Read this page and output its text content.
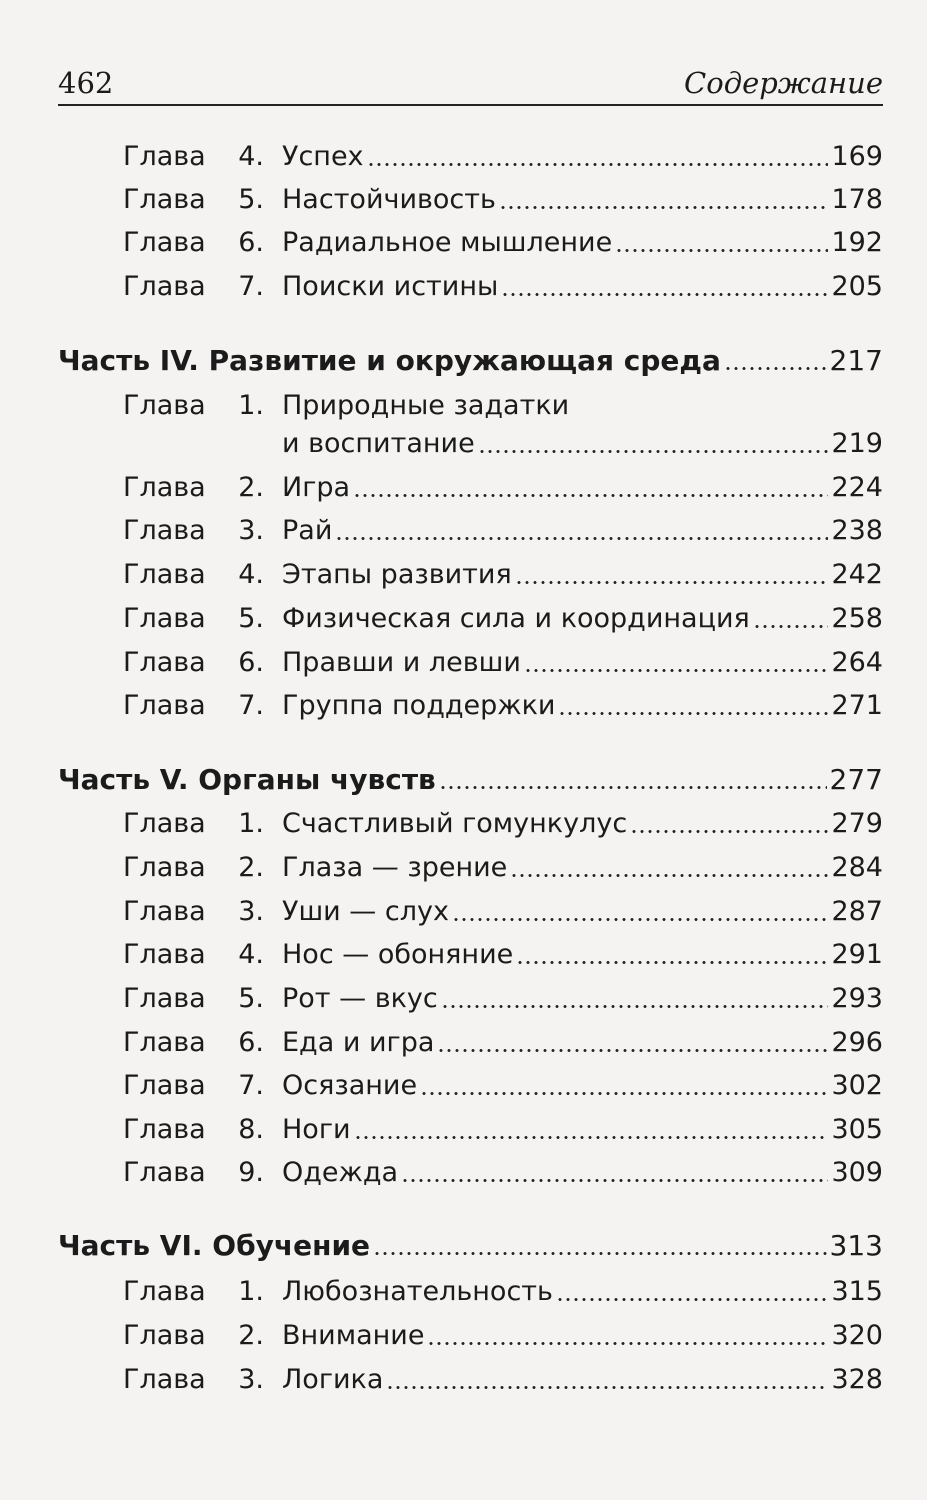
462	Содержание
Глава 4. Успех	169
Глава 5. Настойчивость	178
Глава 6. Радиальное мышление	192
Глава 7. Поиски истины	205
Часть IV. Развитие и окружающая среда	217
Глава 1. Природные задатки
и воспитание	219
Глава 2. Игра	224
Глава 3. Рай	238
Глава 4. Этапы развития	242
Глава 5. Физическая сила и координация	258
Глава 6. Правши и левши	264
Глава 7. Группа поддержки	271
Часть V. Органы чувств	277
Глава 1. Счастливый гомункулус	279
Глава 2. Глаза — зрение	284
Глава 3. Уши — слух	287
Глава 4. Нос — обоняние	291
Глава 5. Рот — вкус	293
Глава 6. Еда и игра	296
Глава 7. Осязание	302
Глава 8. Ноги	305
Глава 9. Одежда	309
Часть VI. Обучение	313
Глава 1. Любознательность	315
Глава 2. Внимание	320
Глава 3. Логика	328
